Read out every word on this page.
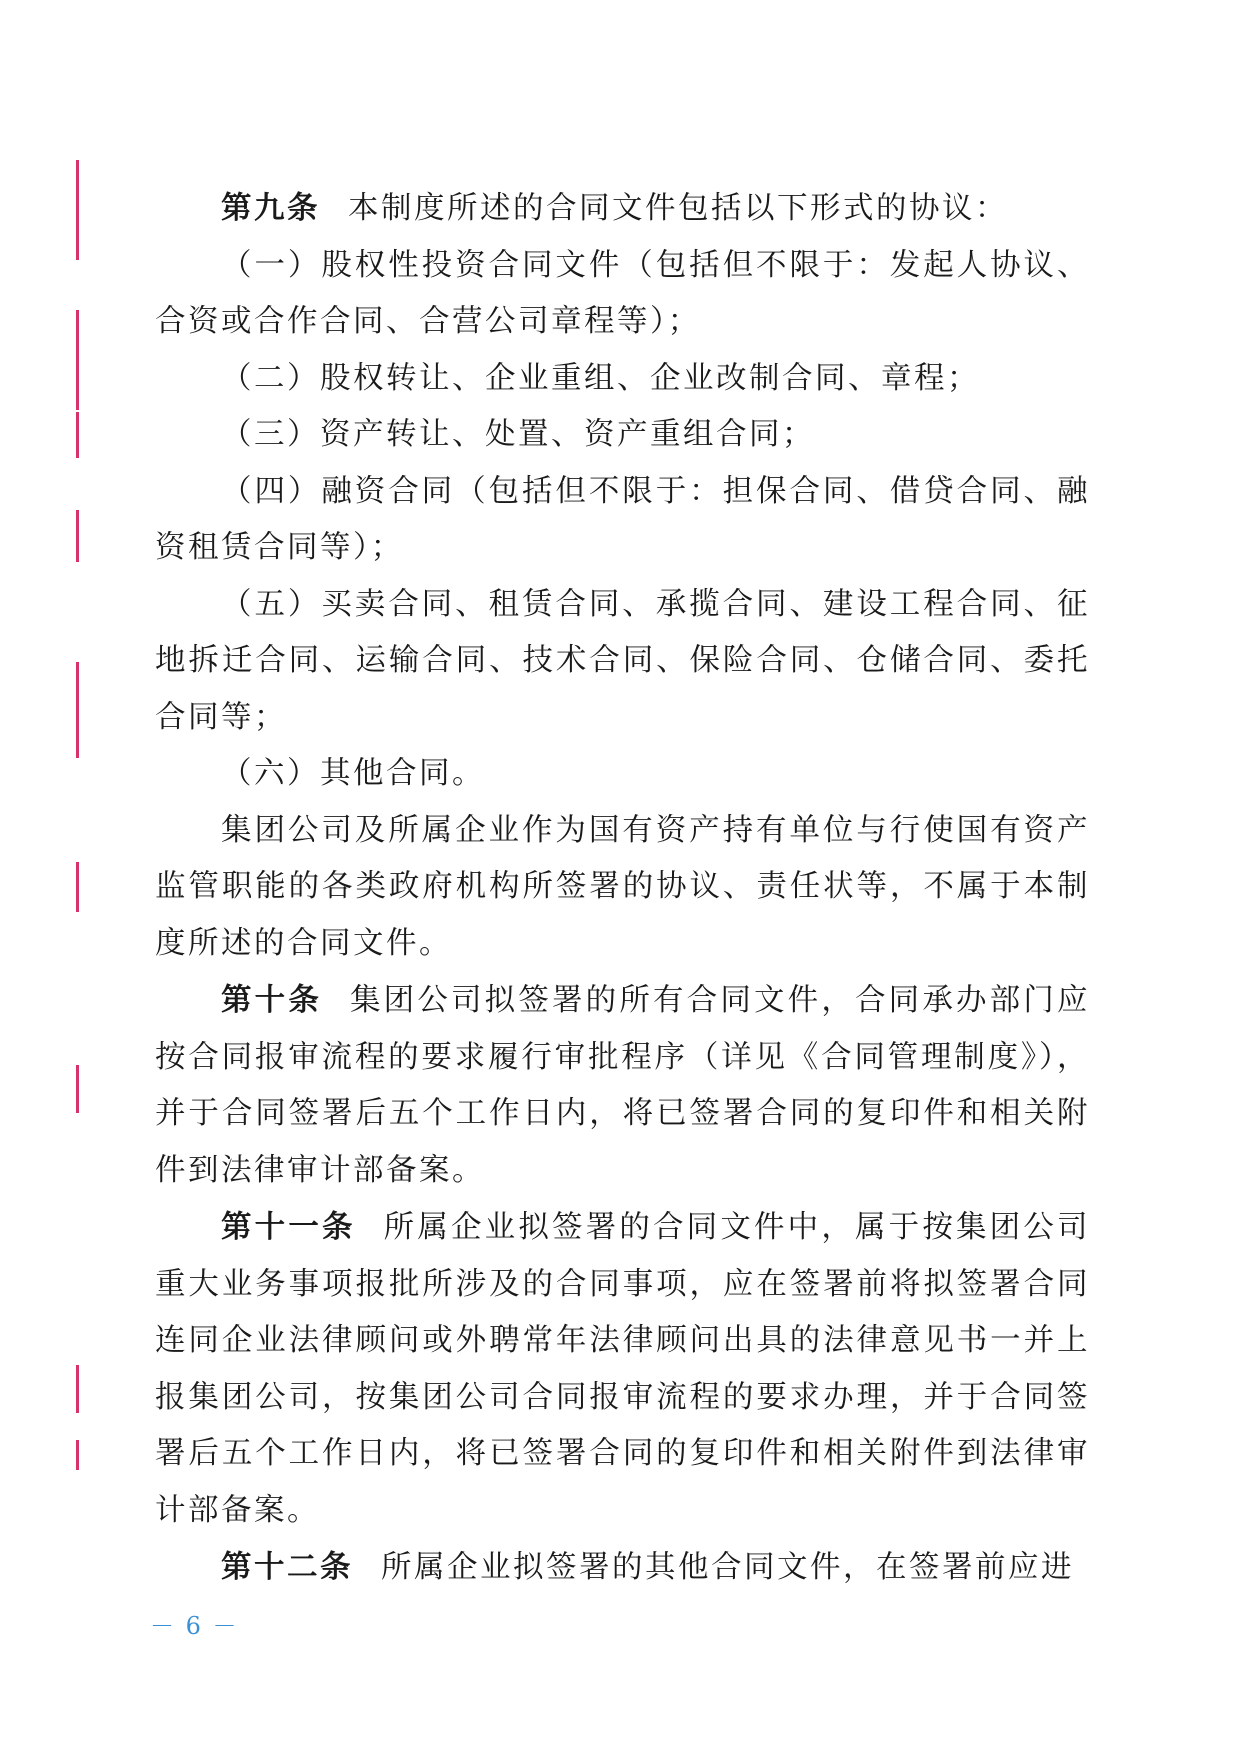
第九条 本制度所述的合同文件包括以下形式的协议：

（一）股权性投资合同文件（包括但不限于：发起人协议、合资或合作合同、合营公司章程等）；

（二）股权转让、企业重组、企业改制合同、章程；

（三）资产转让、处置、资产重组合同；

（四）融资合同（包括但不限于：担保合同、借贷合同、融资租赁合同等）；

（五）买卖合同、租赁合同、承揽合同、建设工程合同、征地拆迁合同、运输合同、技术合同、保险合同、仓储合同、委托合同等；

（六）其他合同。

集团公司及所属企业作为国有资产持有单位与行使国有资产监管职能的各类政府机构所签署的协议、责任状等，不属于本制度所述的合同文件。

第十条 集团公司拟签署的所有合同文件，合同承办部门应按合同报审流程的要求履行审批程序（详见《合同管理制度》），并于合同签署后五个工作日内，将已签署合同的复印件和相关附件到法律审计部备案。

第十一条 所属企业拟签署的合同文件中，属于按集团公司重大业务事项报批所涉及的合同事项，应在签署前将拟签署合同连同企业法律顾问或外聘常年法律顾问出具的法律意见书一并上报集团公司，按集团公司合同报审流程的要求办理，并于合同签署后五个工作日内，将已签署合同的复印件和相关附件到法律审计部备案。

第十二条 所属企业拟签署的其他合同文件，在签署前应进

－ 6 －
